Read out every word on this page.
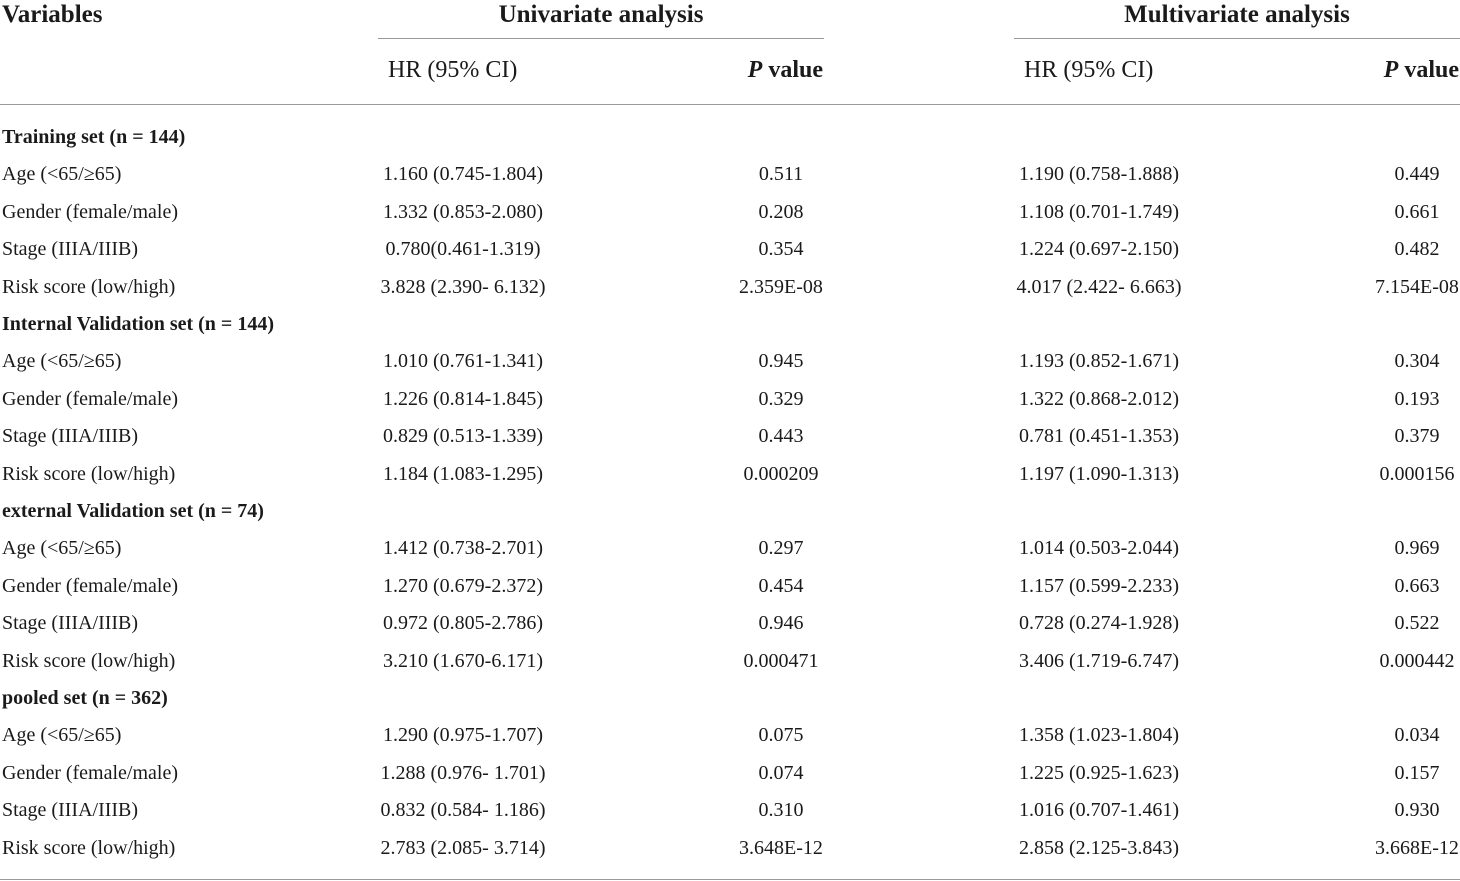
Variables	Univariate analysis	Multivariate analysis
HR (95% CI)	P value	HR (95% CI)	P value
Training set (n = 144)
Age (<65/≥65)	1.160 (0.745-1.804)	0.511	1.190 (0.758-1.888)	0.449
Gender (female/male)	1.332 (0.853-2.080)	0.208	1.108 (0.701-1.749)	0.661
Stage (IIIA/IIIB)	0.780(0.461-1.319)	0.354	1.224 (0.697-2.150)	0.482
Risk score (low/high)	3.828 (2.390- 6.132)	2.359E-08	4.017 (2.422- 6.663)	7.154E-08
Internal Validation set (n = 144)
Age (<65/≥65)	1.010 (0.761-1.341)	0.945	1.193 (0.852-1.671)	0.304
Gender (female/male)	1.226 (0.814-1.845)	0.329	1.322 (0.868-2.012)	0.193
Stage (IIIA/IIIB)	0.829 (0.513-1.339)	0.443	0.781 (0.451-1.353)	0.379
Risk score (low/high)	1.184 (1.083-1.295)	0.000209	1.197 (1.090-1.313)	0.000156
external Validation set (n = 74)
Age (<65/≥65)	1.412 (0.738-2.701)	0.297	1.014 (0.503-2.044)	0.969
Gender (female/male)	1.270 (0.679-2.372)	0.454	1.157 (0.599-2.233)	0.663
Stage (IIIA/IIIB)	0.972 (0.805-2.786)	0.946	0.728 (0.274-1.928)	0.522
Risk score (low/high)	3.210 (1.670-6.171)	0.000471	3.406 (1.719-6.747)	0.000442
pooled set (n = 362)
Age (<65/≥65)	1.290 (0.975-1.707)	0.075	1.358 (1.023-1.804)	0.034
Gender (female/male)	1.288 (0.976- 1.701)	0.074	1.225 (0.925-1.623)	0.157
Stage (IIIA/IIIB)	0.832 (0.584- 1.186)	0.310	1.016 (0.707-1.461)	0.930
Risk score (low/high)	2.783 (2.085- 3.714)	3.648E-12	2.858 (2.125-3.843)	3.668E-12
